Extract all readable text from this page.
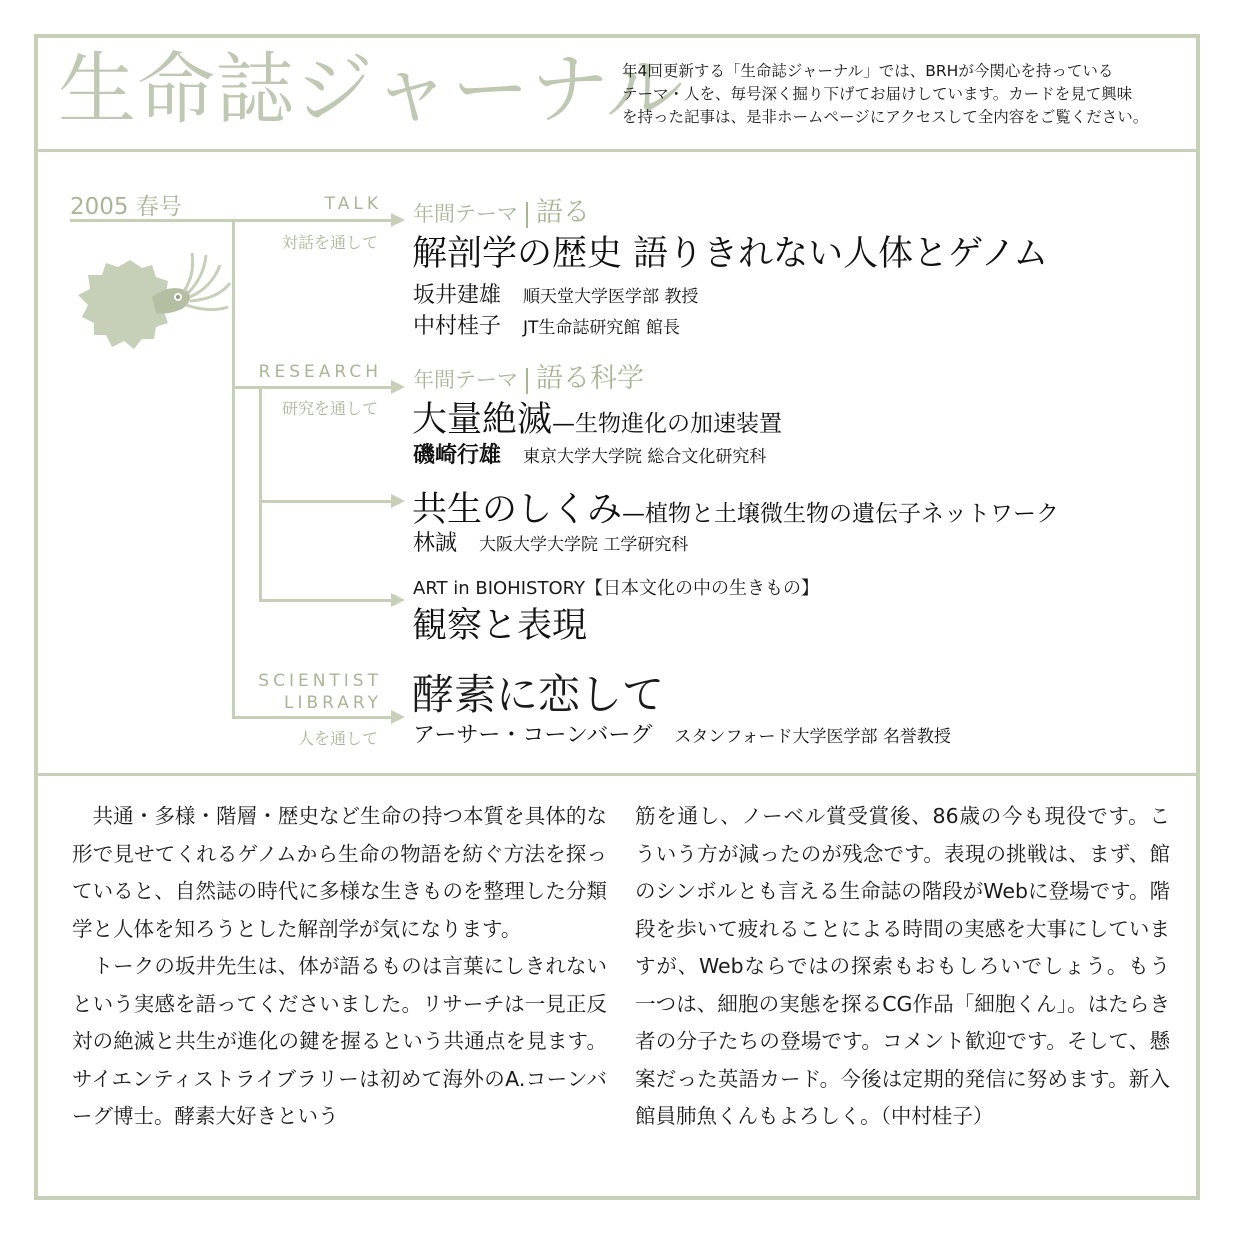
生命誌ジャーナル
年4回更新する「生命誌ジャーナル」では、BRHが今関心を持っている
テーマ・人を、毎号深く掘り下げてお届けしています。カードを見て興味
を持った記事は、是非ホームページにアクセスして全内容をご覧ください。
2005 春号	TALK
対話を通して
RESEARCH
研究を通して
SCIENTIST
LIBRARY
人を通して
年間テーマ 語る
解剖学の歴史 語りきれない人体とゲノム
坂井建雄 順天堂大学医学部 教授
中村桂子 JT生命誌研究館 館長
年間テーマ 語る科学
大量絶滅—生物進化の加速装置
磯崎行雄 東京大学大学院 総合文化研究科
共生のしくみ—植物と土壌微生物の遺伝子ネットワーク
林誠 大阪大学大学院 工学研究科
ART in BIOHISTORY【日本文化の中の生きもの】
観察と表現
酵素に恋して
アーサー・コーンバーグ スタンフォード大学医学部 名誉教授

　共通・多様・階層・歴史など生命の持つ本質を具体的な形で見せてくれるゲノムから生命の物語を紡ぐ方法を探っていると、自然誌の時代に多様な生きものを整理した分類学と人体を知ろうとした解剖学が気になります。

　トークの坂井先生は、体が語るものは言葉にしきれないという実感を語ってくださいました。リサーチは一見正反対の絶滅と共生が進化の鍵を握るという共通点を見ます。サイエンティストライブラリーは初めて海外のA.コーンバーグ博士。酵素大好きという

筋を通し、ノーベル賞受賞後、86歳の今も現役です。こういう方が減ったのが残念です。表現の挑戦は、まず、館のシンボルとも言える生命誌の階段がWebに登場です。階段を歩いて疲れることによる時間の実感を大事にしていますが、Webならではの探索もおもしろいでしょう。もう一つは、細胞の実態を探るCG作品「細胞くん」。はたらき者の分子たちの登場です。コメント歓迎です。そして、懸案だった英語カード。今後は定期的発信に努めます。新入館員肺魚くんもよろしく。（中村桂子）
